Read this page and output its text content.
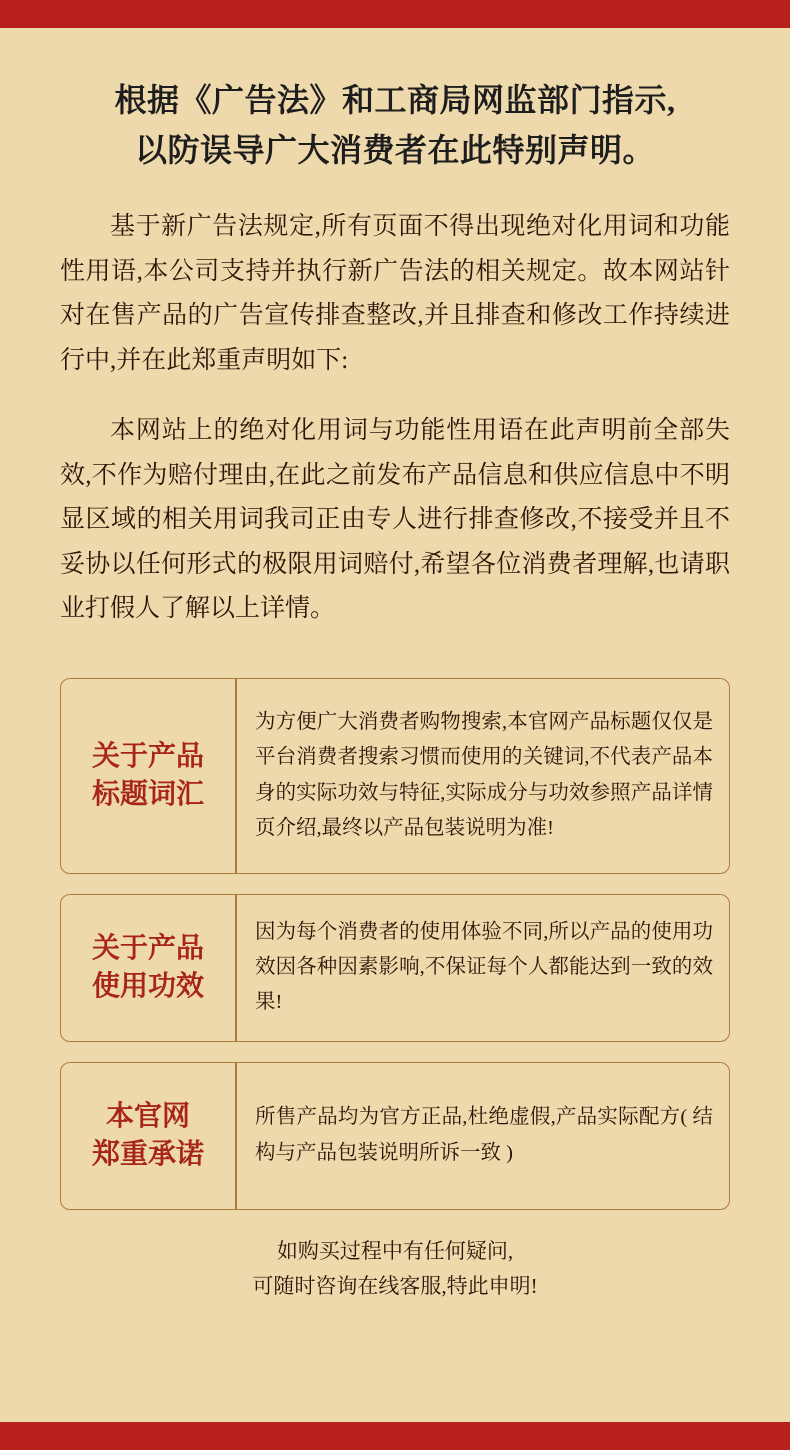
根据《广告法》和工商局网监部门指示,
以防误导广大消费者在此特别声明。

基于新广告法规定,所有页面不得出现绝对化用词和功能性用语,本公司支持并执行新广告法的相关规定。故本网站针对在售产品的广告宣传排查整改,并且排查和修改工作持续进行中,并在此郑重声明如下:

本网站上的绝对化用词与功能性用语在此声明前全部失效,不作为赔付理由,在此之前发布产品信息和供应信息中不明显区域的相关用词我司正由专人进行排查修改,不接受并且不妥协以任何形式的极限用词赔付,希望各位消费者理解,也请职业打假人了解以上详情。

关于产品
标题词汇
为方便广大消费者购物搜索,本官网产品标题仅仅是平台消费者搜索习惯而使用的关键词,不代表产品本身的实际功效与特征,实际成分与功效参照产品详情页介绍,最终以产品包装说明为准!
关于产品
使用功效
因为每个消费者的使用体验不同,所以产品的使用功效因各种因素影响,不保证每个人都能达到一致的效果!
本官网
郑重承诺
所售产品均为官方正品,杜绝虚假,产品实际配方( 结构与产品包装说明所诉一致 )
如购买过程中有任何疑问,
可随时咨询在线客服,特此申明!
